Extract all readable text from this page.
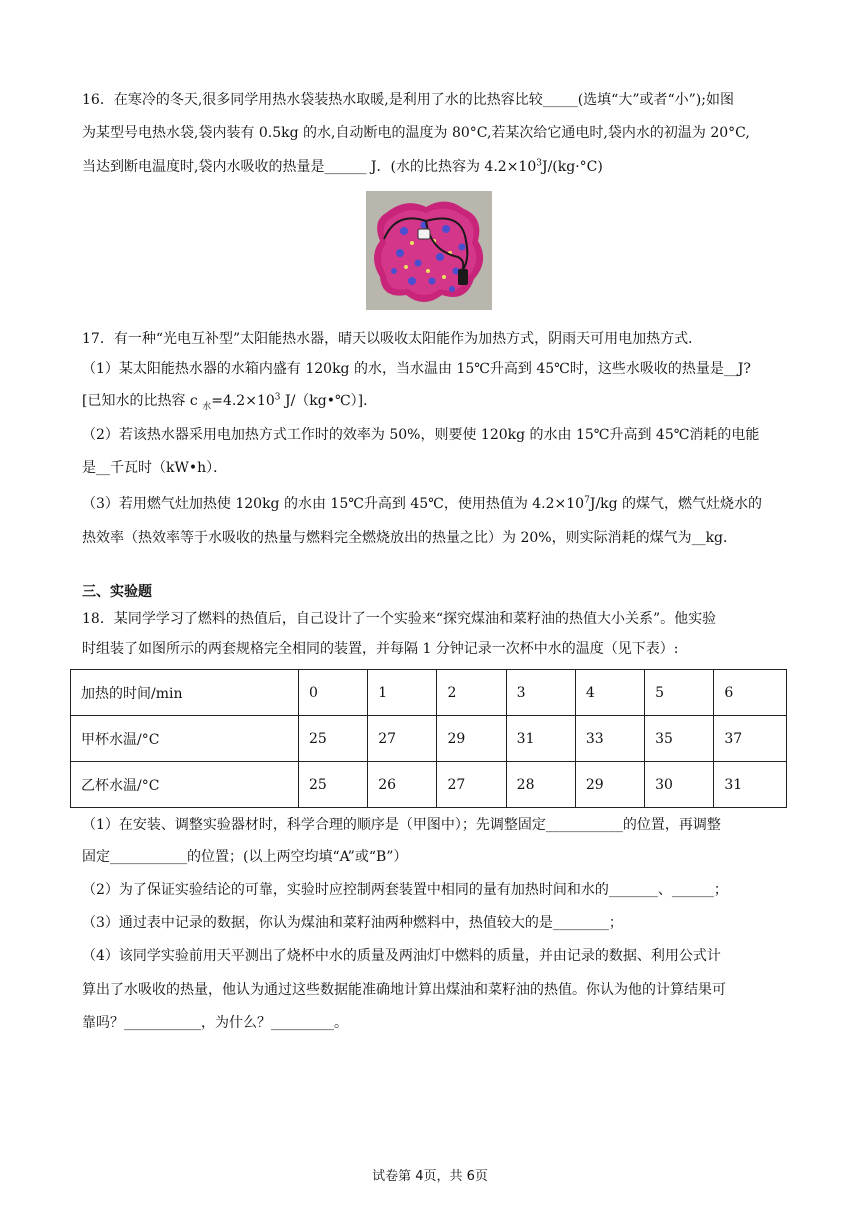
16．在寒冷的冬天,很多同学用热水袋装热水取暖,是利用了水的比热容比较_____(选填“大”或者“小”);如图
为某型号电热水袋,袋内装有 0.5kg 的水,自动断电的温度为 80°C,若某次给它通电时,袋内水的初温为 20°C,
当达到断电温度时,袋内水吸收的热量是______ J．(水的比热容为 $4.2\times 10^3J/(kg\cdot^\circ C)$
17．有一种“光电互补型”太阳能热水器，晴天以吸收太阳能作为加热方式，阴雨天可用电加热方式．
（1）某太阳能热水器的水箱内盛有 120kg 的水，当水温由 15℃升高到 45℃时，这些水吸收的热量是__J?
[已知水的比热容 c $_水=4.2\times 10^3$ J/（kg•℃）]．
（2）若该热水器采用电加热方式工作时的效率为 50%，则要使 120kg 的水由 15℃升高到 45℃消耗的电能
是__千瓦时（kW•h）．
（3）若用燃气灶加热使 120kg 的水由 15℃升高到 45℃，使用热值为 $4.2\times 10^7J/kg$ 的煤气，燃气灶烧水的
热效率（热效率等于水吸收的热量与燃料完全燃烧放出的热量之比）为 20%，则实际消耗的煤气为__kg．
三、实验题
18．某同学学习了燃料的热值后，自己设计了一个实验来“探究煤油和菜籽油的热值大小关系”。他实验
时组装了如图所示的两套规格完全相同的装置，并每隔 1 分钟记录一次杯中水的温度（见下表）:
加热的时间/min	0	1	2	3	4	5	6
甲杯水温/°C	25	27	29	31	33	35	37
乙杯水温/°C	25	26	27	28	29	30	31
（1）在安装、调整实验器材时，科学合理的顺序是（甲图中）；先调整固定___________的位置，再调整
固定___________的位置；(以上两空均填“A”或“B”）
（2）为了保证实验结论的可靠，实验时应控制两套装置中相同的量有加热时间和水的_______、______；
（3）通过表中记录的数据，你认为煤油和菜籽油两种燃料中，热值较大的是________；
（4）该同学实验前用天平测出了烧杯中水的质量及两油灯中燃料的质量，并由记录的数据、利用公式计
算出了水吸收的热量，他认为通过这些数据能准确地计算出煤油和菜籽油的热值。你认为他的计算结果可
靠吗？___________，为什么？_________。
试卷第 4页，共 6页
